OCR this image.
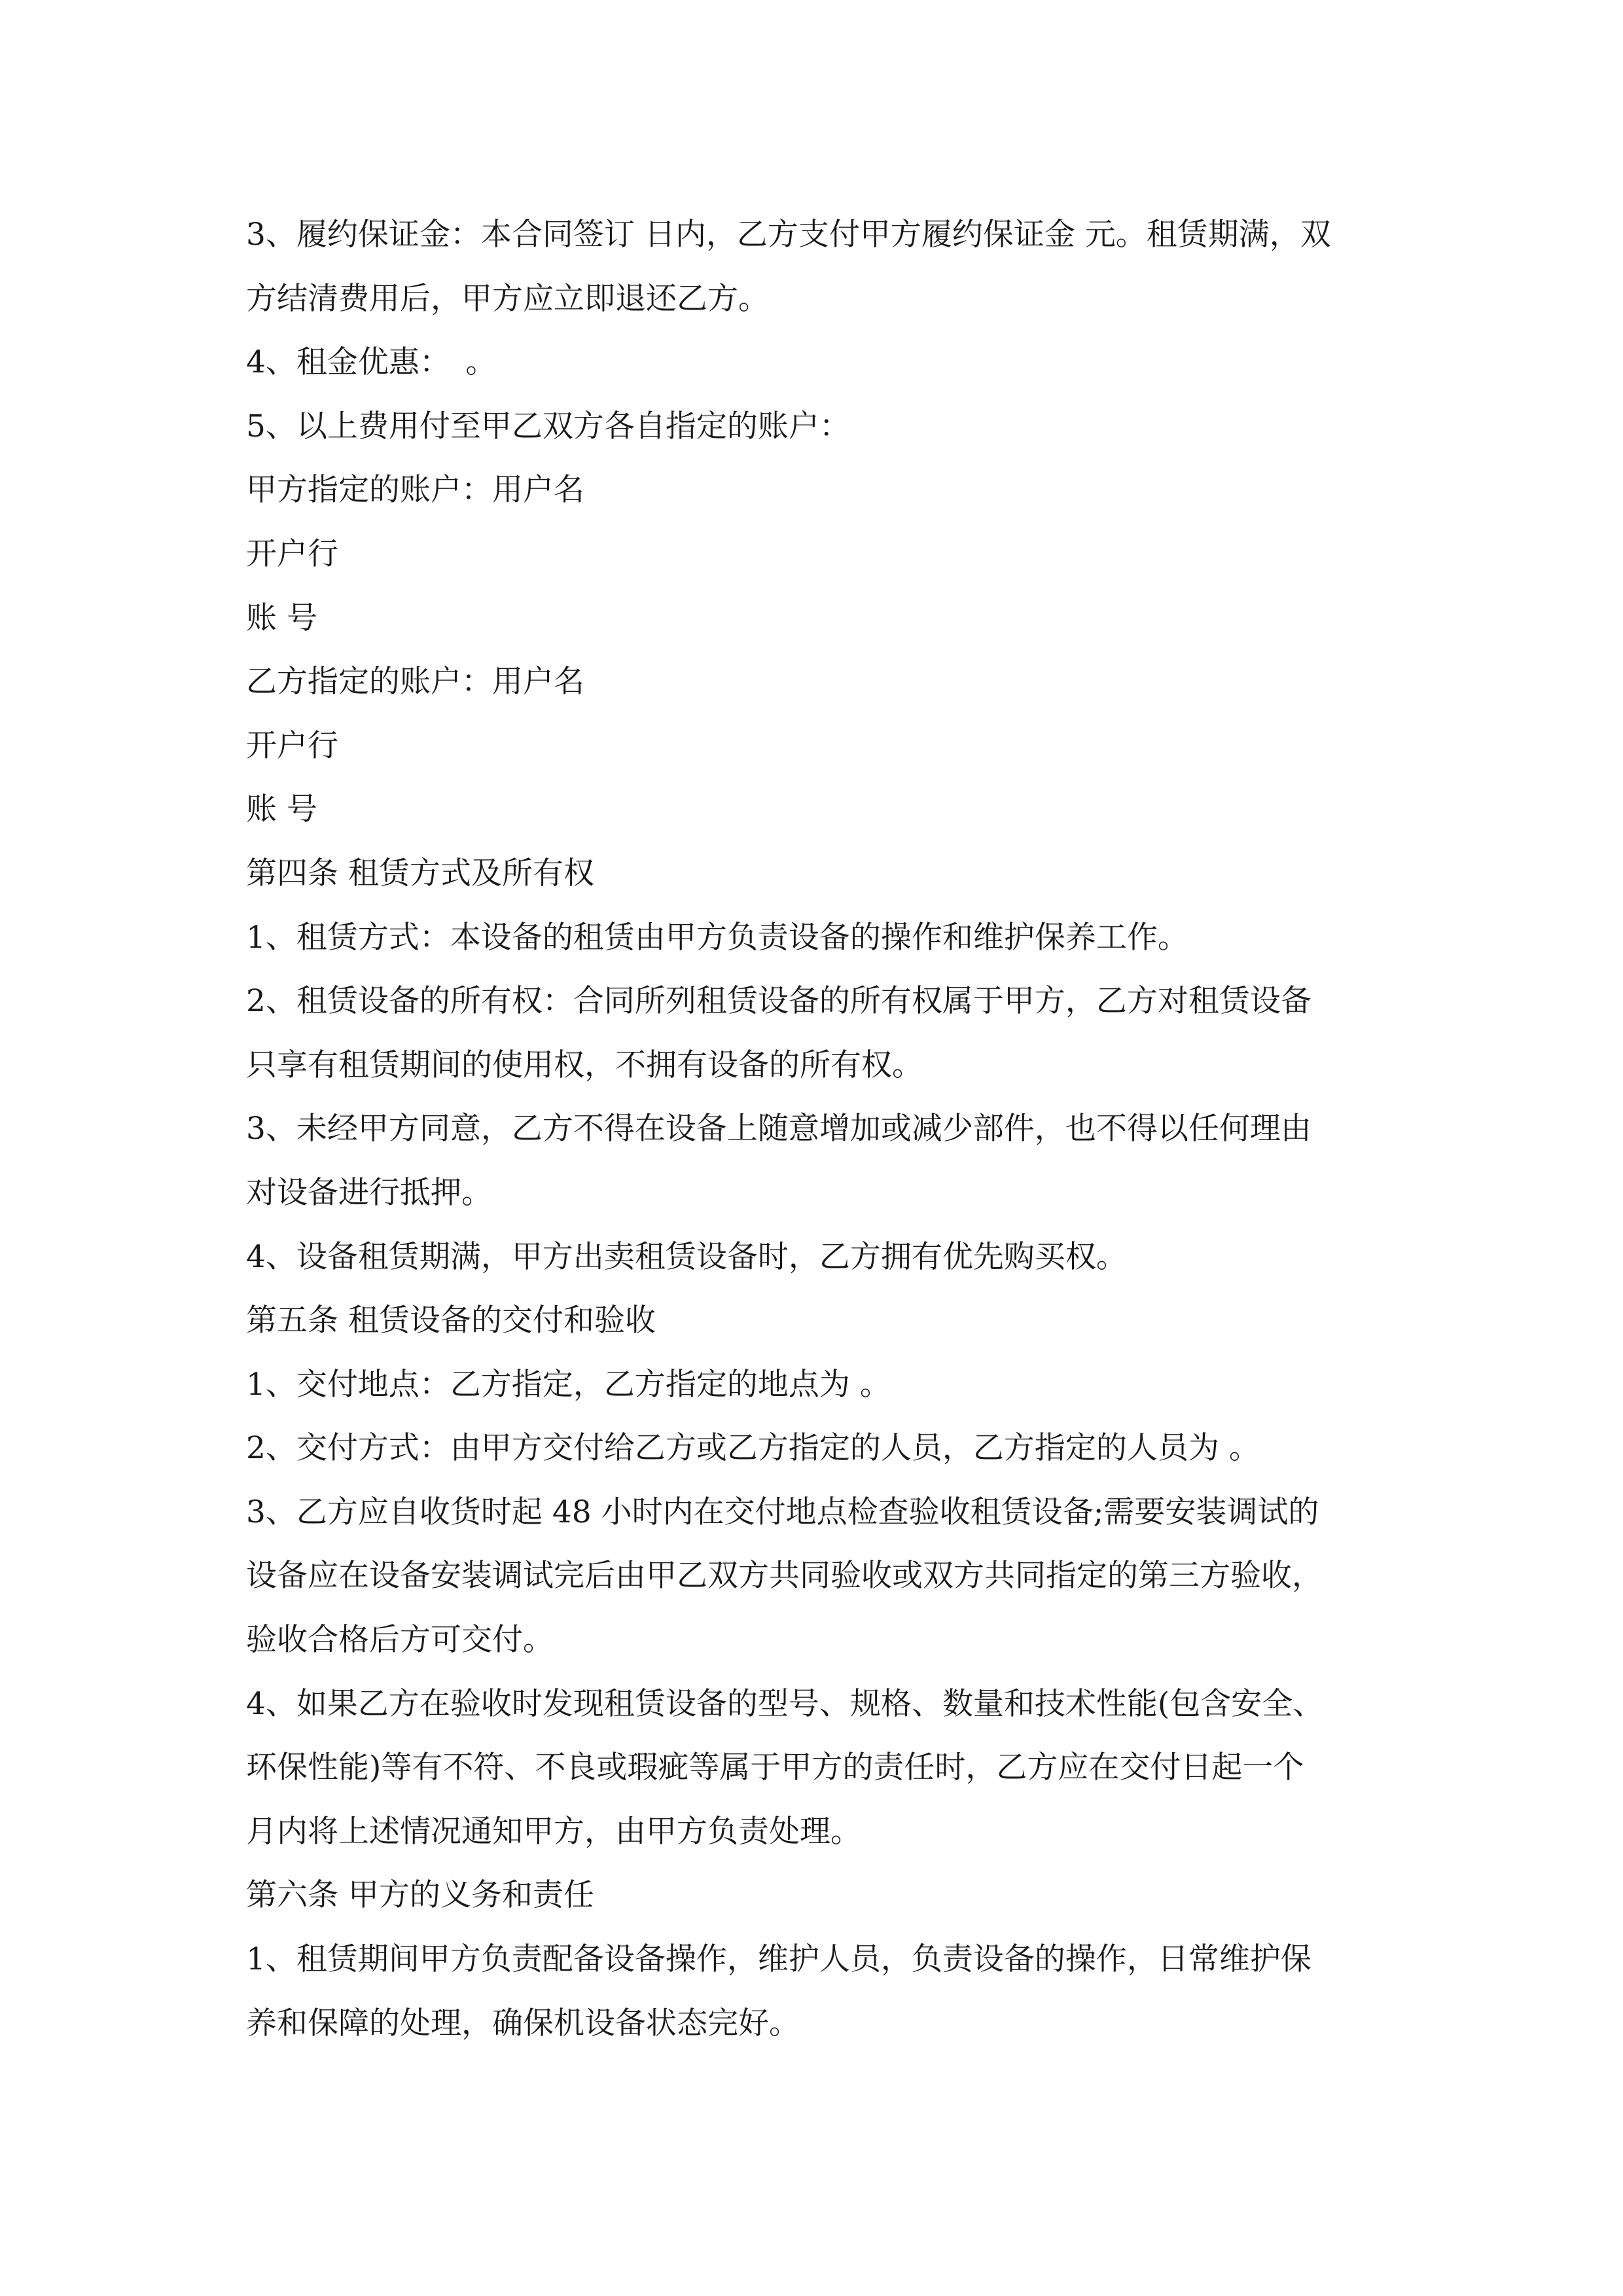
3、履约保证金：本合同签订 日内，乙方支付甲方履约保证金 元。租赁期满，双
方结清费用后，甲方应立即退还乙方。
4、租金优惠：　。
5、以上费用付至甲乙双方各自指定的账户：
甲方指定的账户：用户名
开户行
账 号
乙方指定的账户：用户名
开户行
账 号
第四条 租赁方式及所有权
1、租赁方式：本设备的租赁由甲方负责设备的操作和维护保养工作。
2、租赁设备的所有权：合同所列租赁设备的所有权属于甲方，乙方对租赁设备
只享有租赁期间的使用权，不拥有设备的所有权。
3、未经甲方同意，乙方不得在设备上随意增加或减少部件，也不得以任何理由
对设备进行抵押。
4、设备租赁期满，甲方出卖租赁设备时，乙方拥有优先购买权。
第五条 租赁设备的交付和验收
1、交付地点：乙方指定，乙方指定的地点为 。
2、交付方式：由甲方交付给乙方或乙方指定的人员，乙方指定的人员为 。
3、乙方应自收货时起 48 小时内在交付地点检查验收租赁设备;需要安装调试的
设备应在设备安装调试完后由甲乙双方共同验收或双方共同指定的第三方验收，
验收合格后方可交付。
4、如果乙方在验收时发现租赁设备的型号、规格、数量和技术性能(包含安全、
环保性能)等有不符、不良或瑕疵等属于甲方的责任时，乙方应在交付日起一个
月内将上述情况通知甲方，由甲方负责处理。
第六条 甲方的义务和责任
1、租赁期间甲方负责配备设备操作，维护人员，负责设备的操作，日常维护保
养和保障的处理，确保机设备状态完好。
